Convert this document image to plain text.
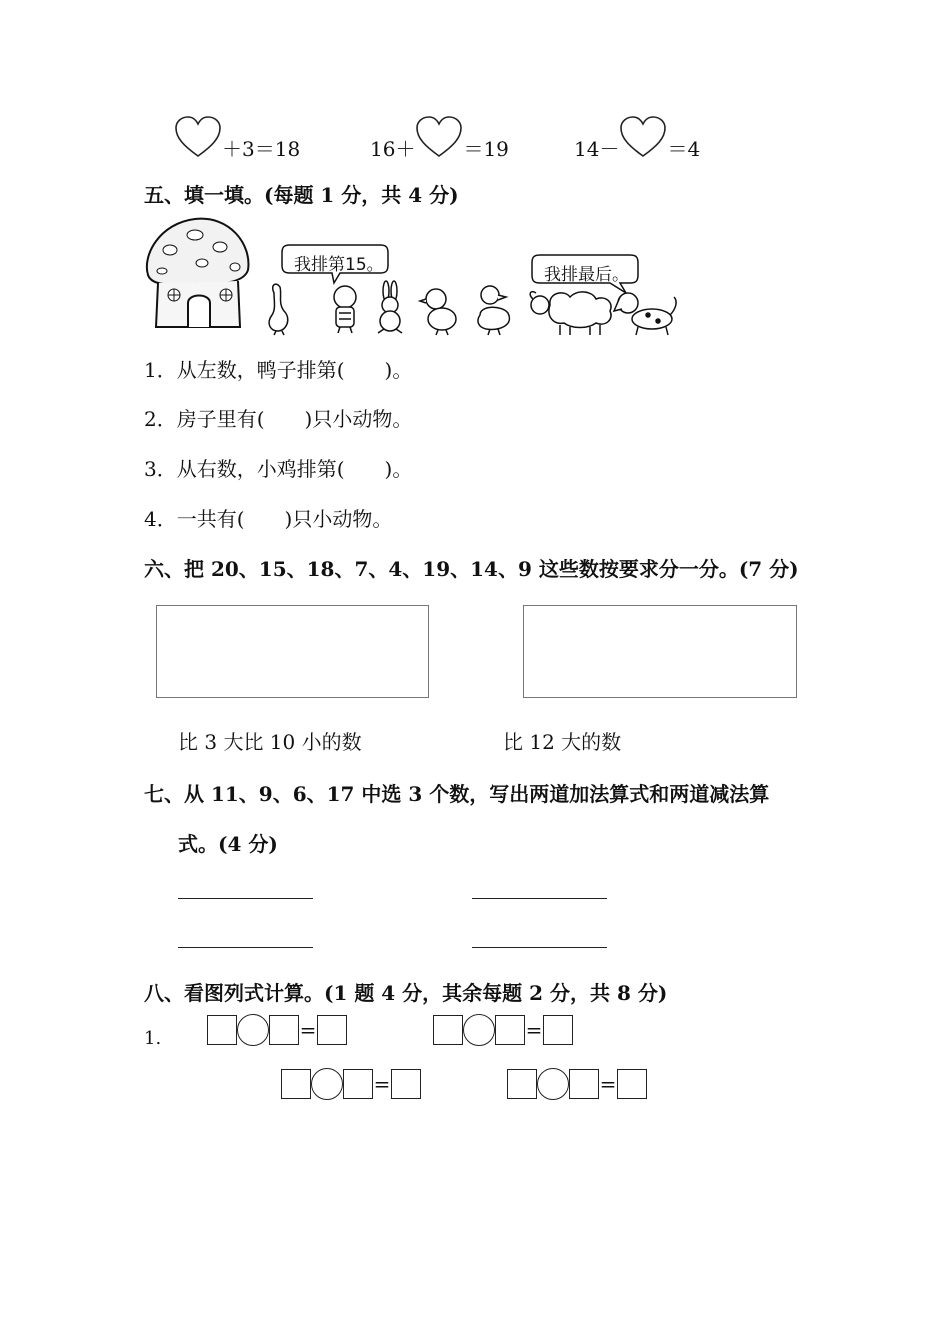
＋3＝18	16＋ ＝19	14－ ＝4
五、填一填。(每题 1 分，共 4 分)
我排第15。	我排最后。
1．从左数，鸭子排第(　　)。
2．房子里有(　　)只小动物。
3．从右数，小鸡排第(　　)。
4．一共有(　　)只小动物。
六、把 20、15、18、7、4、19、14、9 这些数按要求分一分。(7 分)
比 3 大比 10 小的数	比 12 大的数
七、从 11、9、6、17 中选 3 个数，写出两道加法算式和两道减法算
式。(4 分)
八、看图列式计算。(1 题 4 分，其余每题 2 分，共 8 分)
1.	=	=
=	=
